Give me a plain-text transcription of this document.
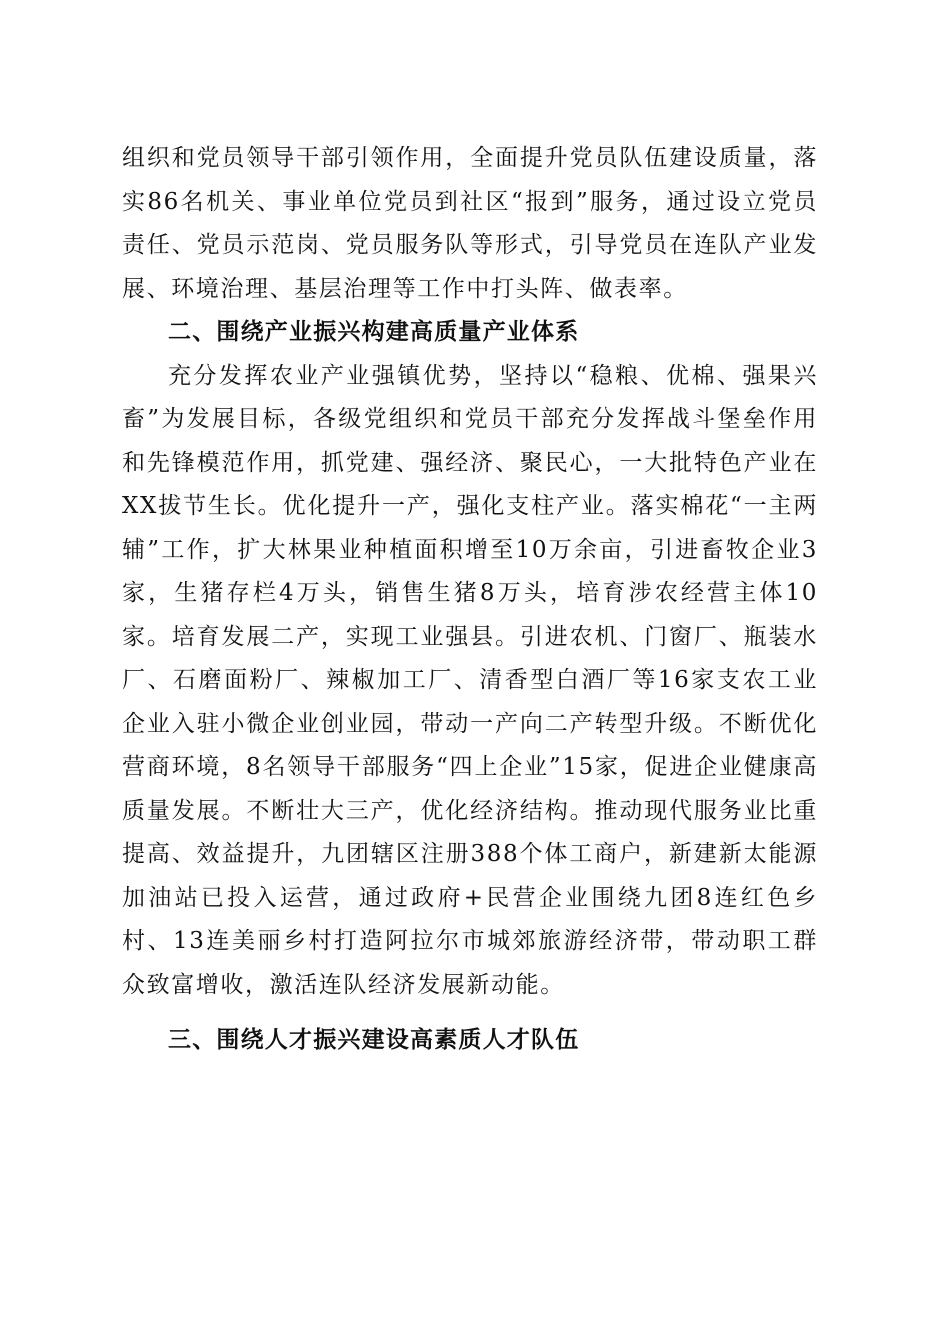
组织和党员领导干部引领作用，全面提升党员队伍建设质量，落实86名机关、事业单位党员到社区“报到”服务，通过设立党员责任、党员示范岗、党员服务队等形式，引导党员在连队产业发展、环境治理、基层治理等工作中打头阵、做表率。

二、围绕产业振兴构建高质量产业体系

充分发挥农业产业强镇优势，坚持以“稳粮、优棉、强果兴畜”为发展目标，各级党组织和党员干部充分发挥战斗堡垒作用和先锋模范作用，抓党建、强经济、聚民心，一大批特色产业在XX拔节生长。优化提升一产，强化支柱产业。落实棉花“一主两辅”工作，扩大林果业种植面积增至10万余亩，引进畜牧企业3家，生猪存栏4万头，销售生猪8万头，培育涉农经营主体10家。培育发展二产，实现工业强县。引进农机、门窗厂、瓶装水厂、石磨面粉厂、辣椒加工厂、清香型白酒厂等16家支农工业企业入驻小微企业创业园，带动一产向二产转型升级。不断优化营商环境，8名领导干部服务“四上企业”15家，促进企业健康高质量发展。不断壮大三产，优化经济结构。推动现代服务业比重提高、效益提升，九团辖区注册388个体工商户，新建新太能源加油站已投入运营，通过政府+民营企业围绕九团8连红色乡村、13连美丽乡村打造阿拉尔市城郊旅游经济带，带动职工群众致富增收，激活连队经济发展新动能。

三、围绕人才振兴建设高素质人才队伍
